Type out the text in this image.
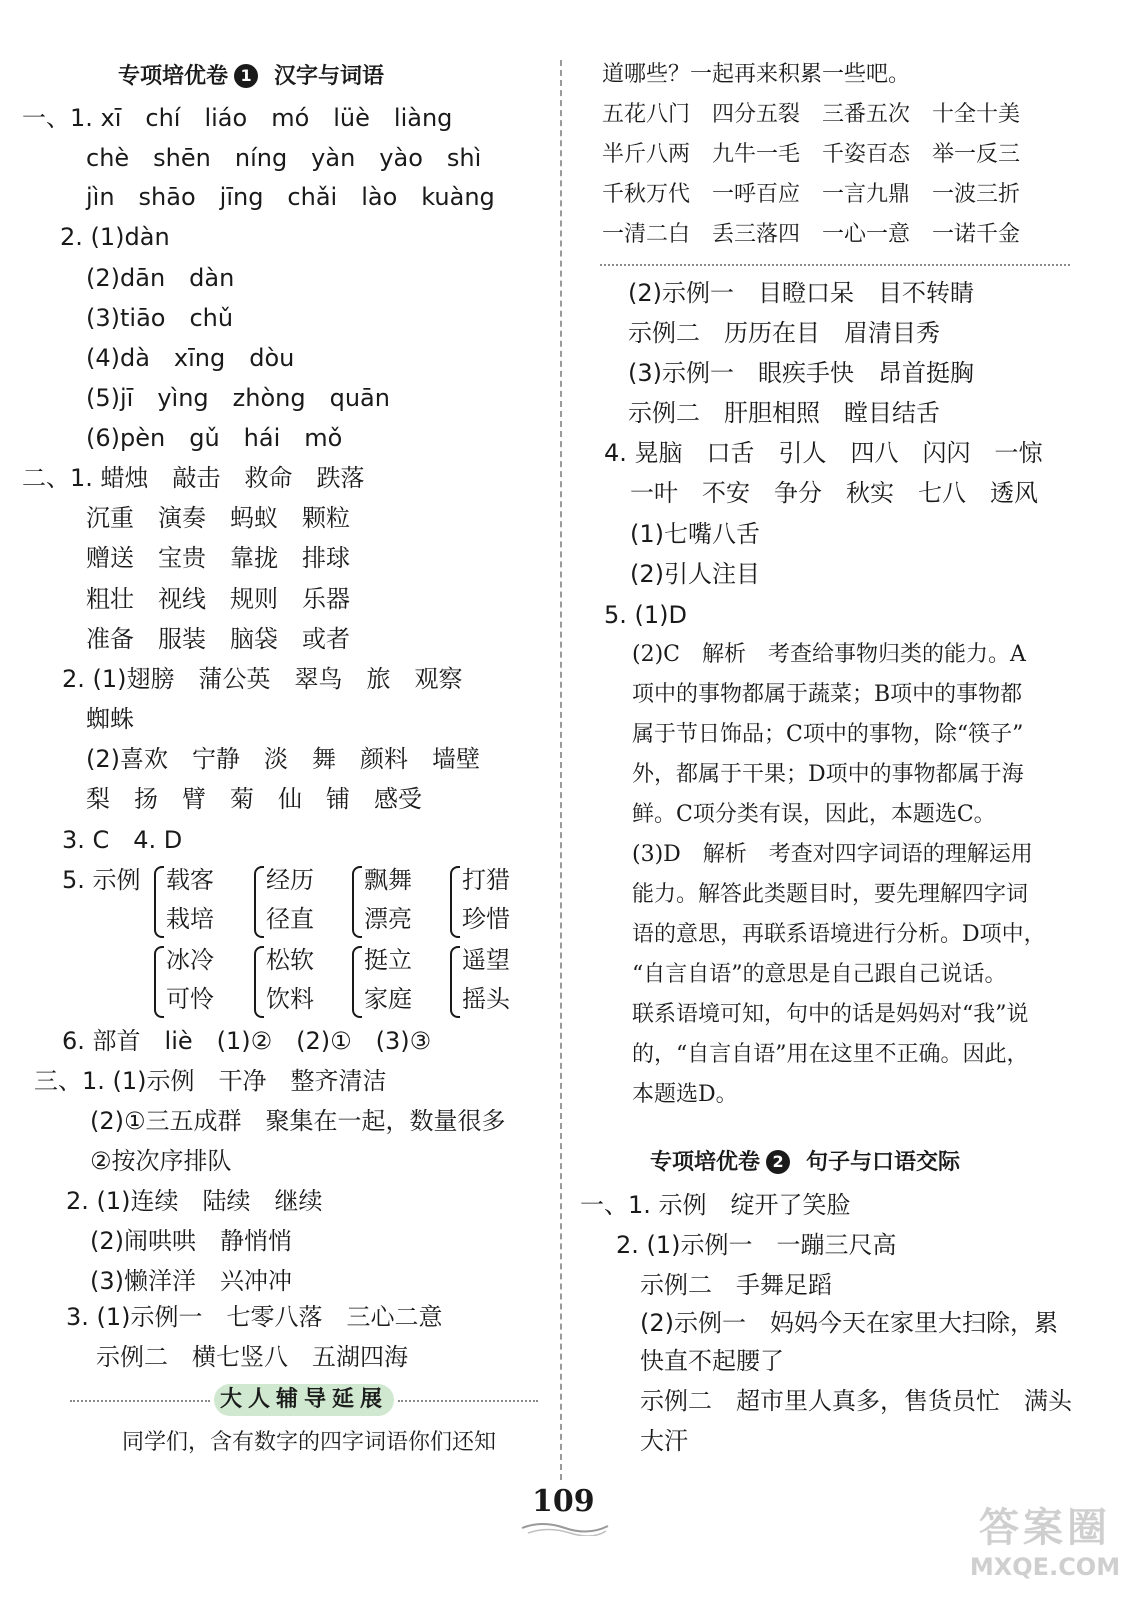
专项培优卷 1 汉字与词语
一、1. xī　chí　liáo　mó　lüè　liàng
chè　shēn　níng　yàn　yào　shì
jìn　shāo　jīng　chǎi　lào　kuàng
2. (1)dàn
(2)dān　dàn
(3)tiāo　chǔ
(4)dà　xīng　dòu
(5)jī　yìng　zhòng　quān
(6)pèn　gǔ　hái　mǒ
二、1. 蜡烛　敲击　救命　跌落
沉重　演奏　蚂蚁　颗粒
赠送　宝贵　靠拢　排球
粗壮　视线　规则　乐器
准备　服装　脑袋　或者
2. (1)翅膀　蒲公英　翠鸟　旅　观察
蜘蛛
(2)喜欢　宁静　淡　舞　颜料　墙壁
梨　扬　臂　菊　仙　铺　感受
3. C　4. D
5. 示例 载客
栽培
经历
径直
飘舞
漂亮
打猎
珍惜
冰冷
可怜
松软
饮料
挺立
家庭
遥望
摇头
6. 部首　liè　(1)②　(2)①　(3)③
三、1. (1)示例　干净　整齐清洁
(2)①三五成群　聚集在一起，数量很多
②按次序排队
2. (1)连续　陆续　继续
(2)闹哄哄　静悄悄
(3)懒洋洋　兴冲冲
3. (1)示例一　七零八落　三心二意
示例二　横七竖八　五湖四海
大人辅导延展
同学们，含有数字的四字词语你们还知
道哪些？一起再来积累一些吧。
五花八门　四分五裂　三番五次　十全十美
半斤八两　九牛一毛　千姿百态　举一反三
千秋万代　一呼百应　一言九鼎　一波三折
一清二白　丢三落四　一心一意　一诺千金
(2)示例一　目瞪口呆　目不转睛
示例二　历历在目　眉清目秀
(3)示例一　眼疾手快　昂首挺胸
示例二　肝胆相照　瞠目结舌
4. 晃脑　口舌　引人　四八　闪闪　一惊
一叶　不安　争分　秋实　七八　透风
(1)七嘴八舌
(2)引人注目
5. (1)D
(2)C　解析　考查给事物归类的能力。A
项中的事物都属于蔬菜；B项中的事物都
属于节日饰品；C项中的事物，除“筷子”
外，都属于干果；D项中的事物都属于海
鲜。C项分类有误，因此，本题选C。
(3)D　解析　考查对四字词语的理解运用
能力。解答此类题目时，要先理解四字词
语的意思，再联系语境进行分析。D项中，
“自言自语”的意思是自己跟自己说话。
联系语境可知，句中的话是妈妈对“我”说
的，“自言自语”用在这里不正确。因此，
本题选D。
专项培优卷 2 句子与口语交际
一、1. 示例　绽开了笑脸
2. (1)示例一　一蹦三尺高
示例二　手舞足蹈
(2)示例一　妈妈今天在家里大扫除，累
快直不起腰了
示例二　超市里人真多，售货员忙　满头
大汗
109
答案圈
MXQE.COM
